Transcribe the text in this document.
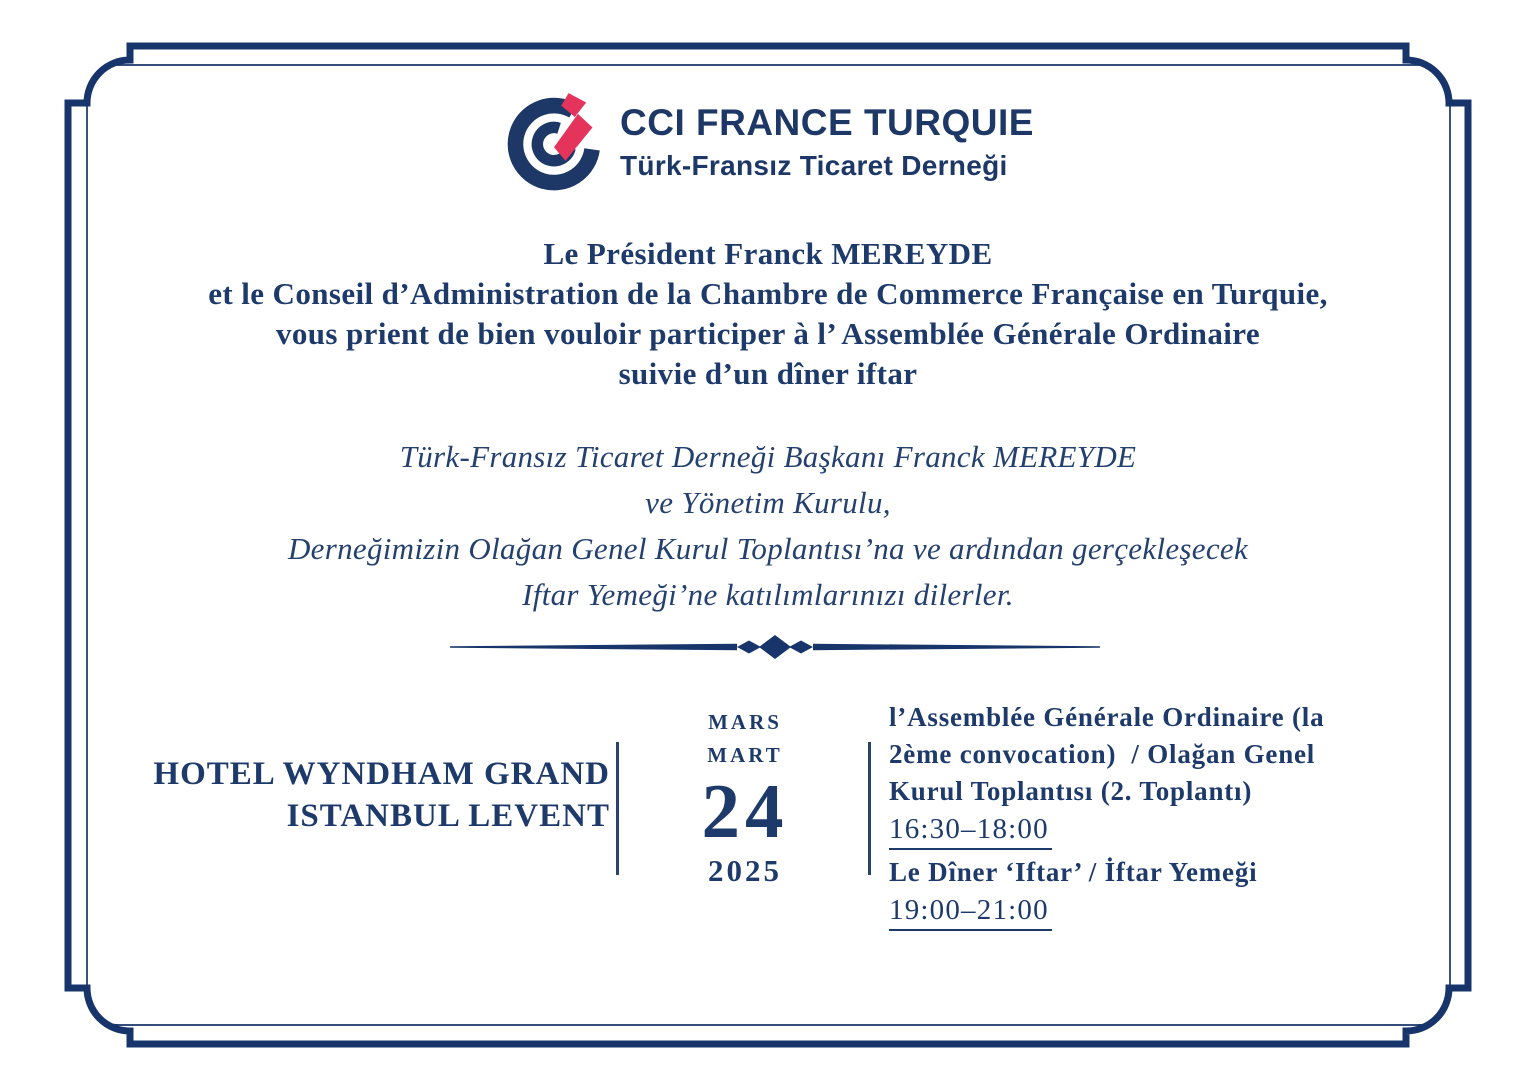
CCI FRANCE TURQUIE
Türk-Fransız Ticaret Derneği
Le Président Franck MEREYDE
et le Conseil d’Administration de la Chambre de Commerce Française en Turquie,
vous prient de bien vouloir participer à l’ Assemblée Générale Ordinaire
suivie d’un dîner iftar
Türk-Fransız Ticaret Derneği Başkanı Franck MEREYDE
ve Yönetim Kurulu,
Derneğimizin Olağan Genel Kurul Toplantısı’na ve ardından gerçekleşecek
Iftar Yemeği’ne katılımlarınızı dilerler.
HOTEL WYNDHAM GRAND
ISTANBUL LEVENT
MARS
MART
24
2025
l’Assemblée Générale Ordinaire (la
2ème convocation)  / Olağan Genel
Kurul Toplantısı (2. Toplantı)
16:30–18:00
Le Dîner ‘Iftar’ / İftar Yemeği
19:00–21:00
